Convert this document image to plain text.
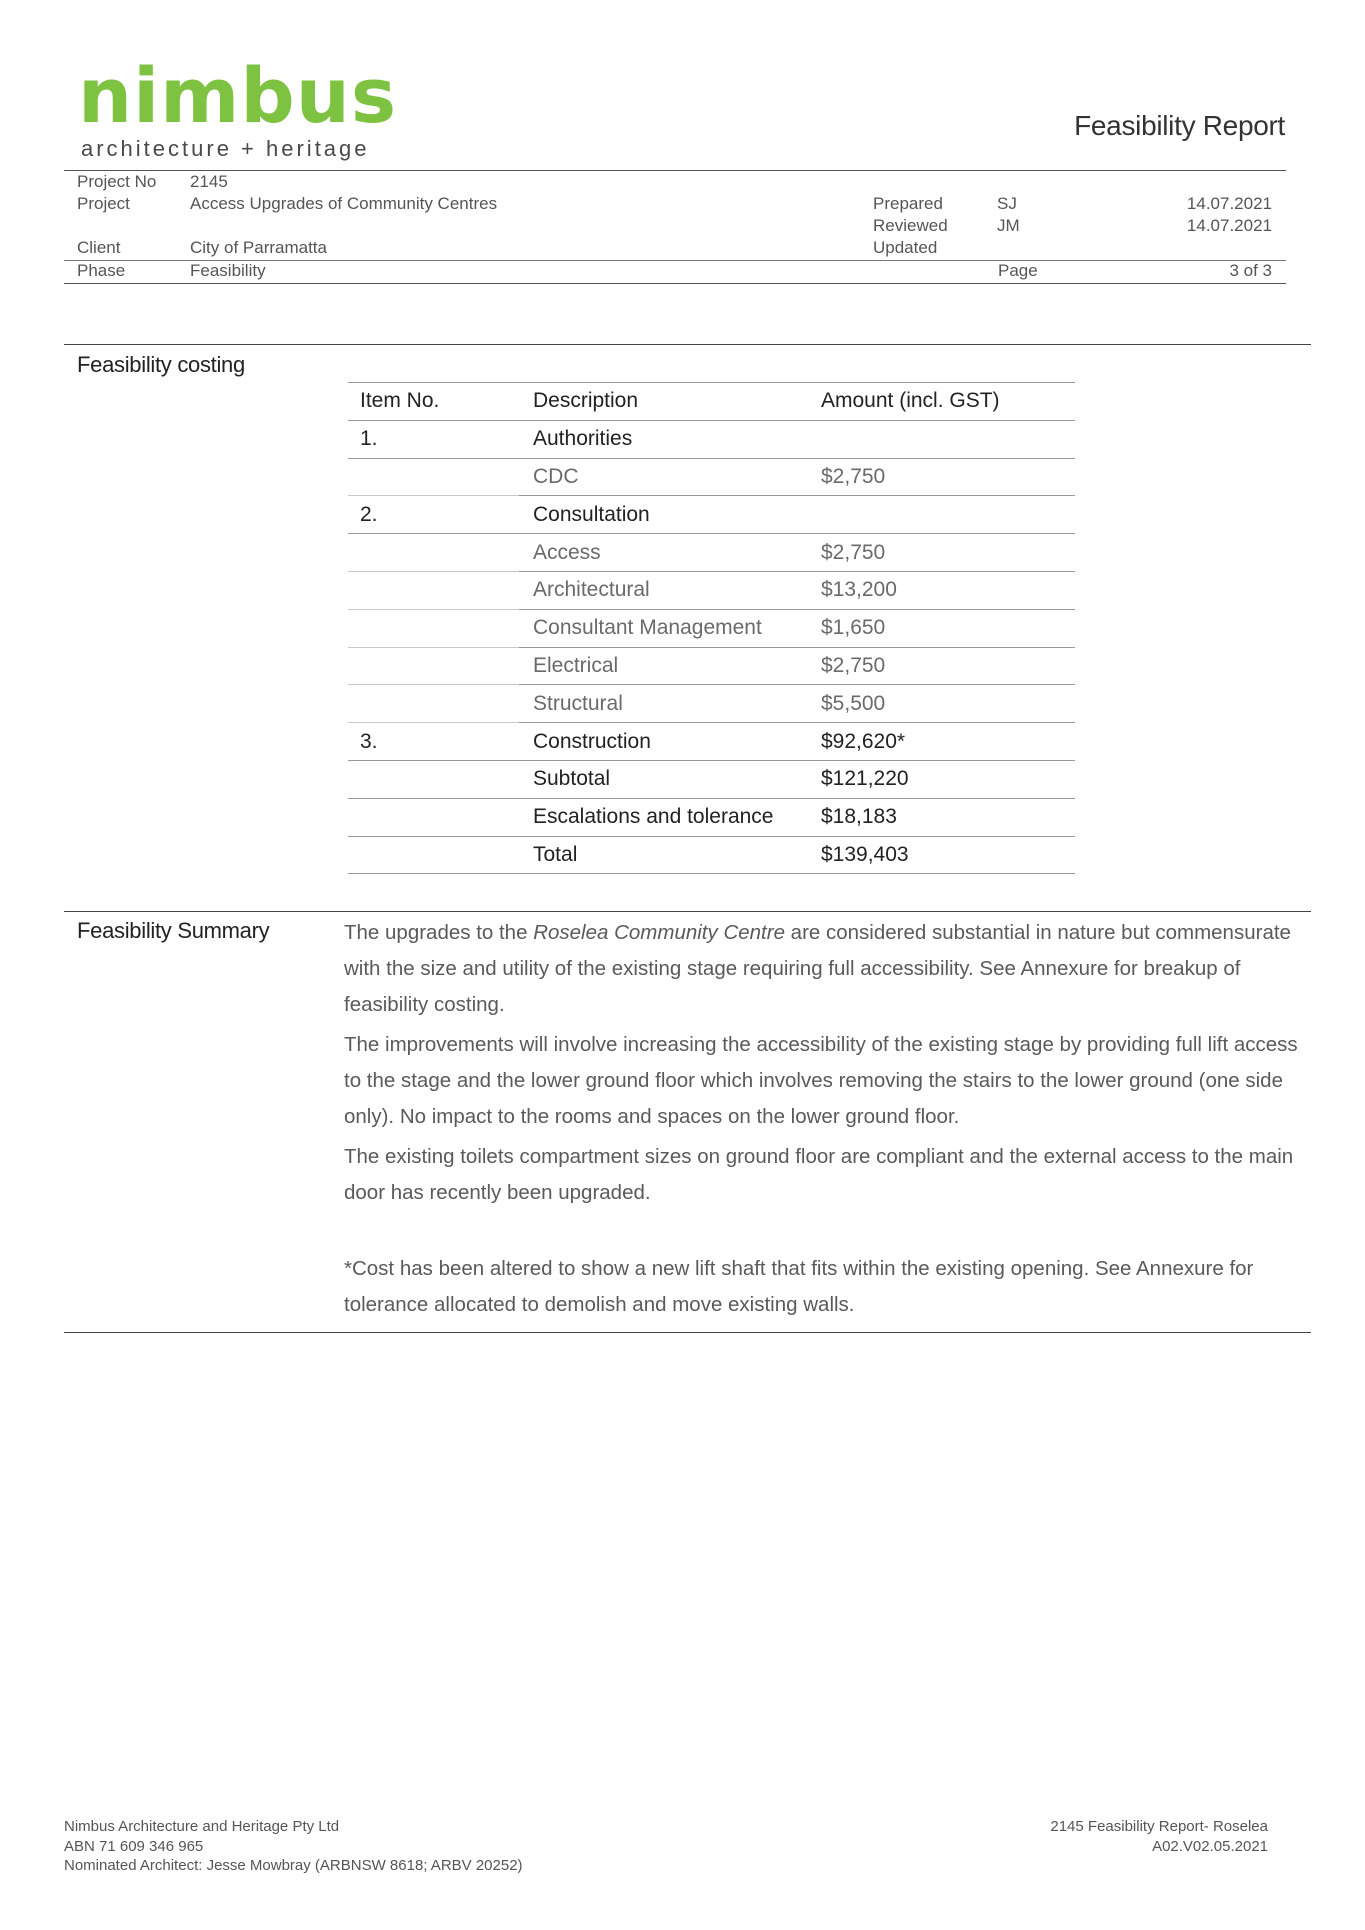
nimbus
architecture + heritage
Feasibility Report
Project No 2145
Project	Access Upgrades of Community Centres
Client	City of Parramatta
Phase	Feasibility
Prepared	SJ	14.07.2021
Reviewed	JM	14.07.2021
Updated
Page	3 of 3
Feasibility costing
Item No.	Description	Amount (incl. GST)
1.	Authorities	
	CDC	$2,750
2.	Consultation	
	Access	$2,750
	Architectural	$13,200
	Consultant Management	$1,650
	Electrical	$2,750
	Structural	$5,500
3.	Construction	$92,620*
	Subtotal	$121,220
	Escalations and tolerance	$18,183
	Total	$139,403
Feasibility Summary	The upgrades to the Roselea Community Centre are considered substantial in nature but commensurate with the size and utility of the existing stage requiring full accessibility. See Annexure for breakup of feasibility costing.

The improvements will involve increasing the accessibility of the existing stage by providing full lift access to the stage and the lower ground floor which involves removing the stairs to the lower ground (one side only). No impact to the rooms and spaces on the lower ground floor.

The existing toilets compartment sizes on ground floor are compliant and the external access to the main door has recently been upgraded.

*Cost has been altered to show a new lift shaft that fits within the existing opening. See Annexure for tolerance allocated to demolish and move existing walls.

Nimbus Architecture and Heritage Pty Ltd
ABN 71 609 346 965
Nominated Architect: Jesse Mowbray (ARBNSW 8618; ARBV 20252)
2145 Feasibility Report- Roselea
A02.V02.05.2021
